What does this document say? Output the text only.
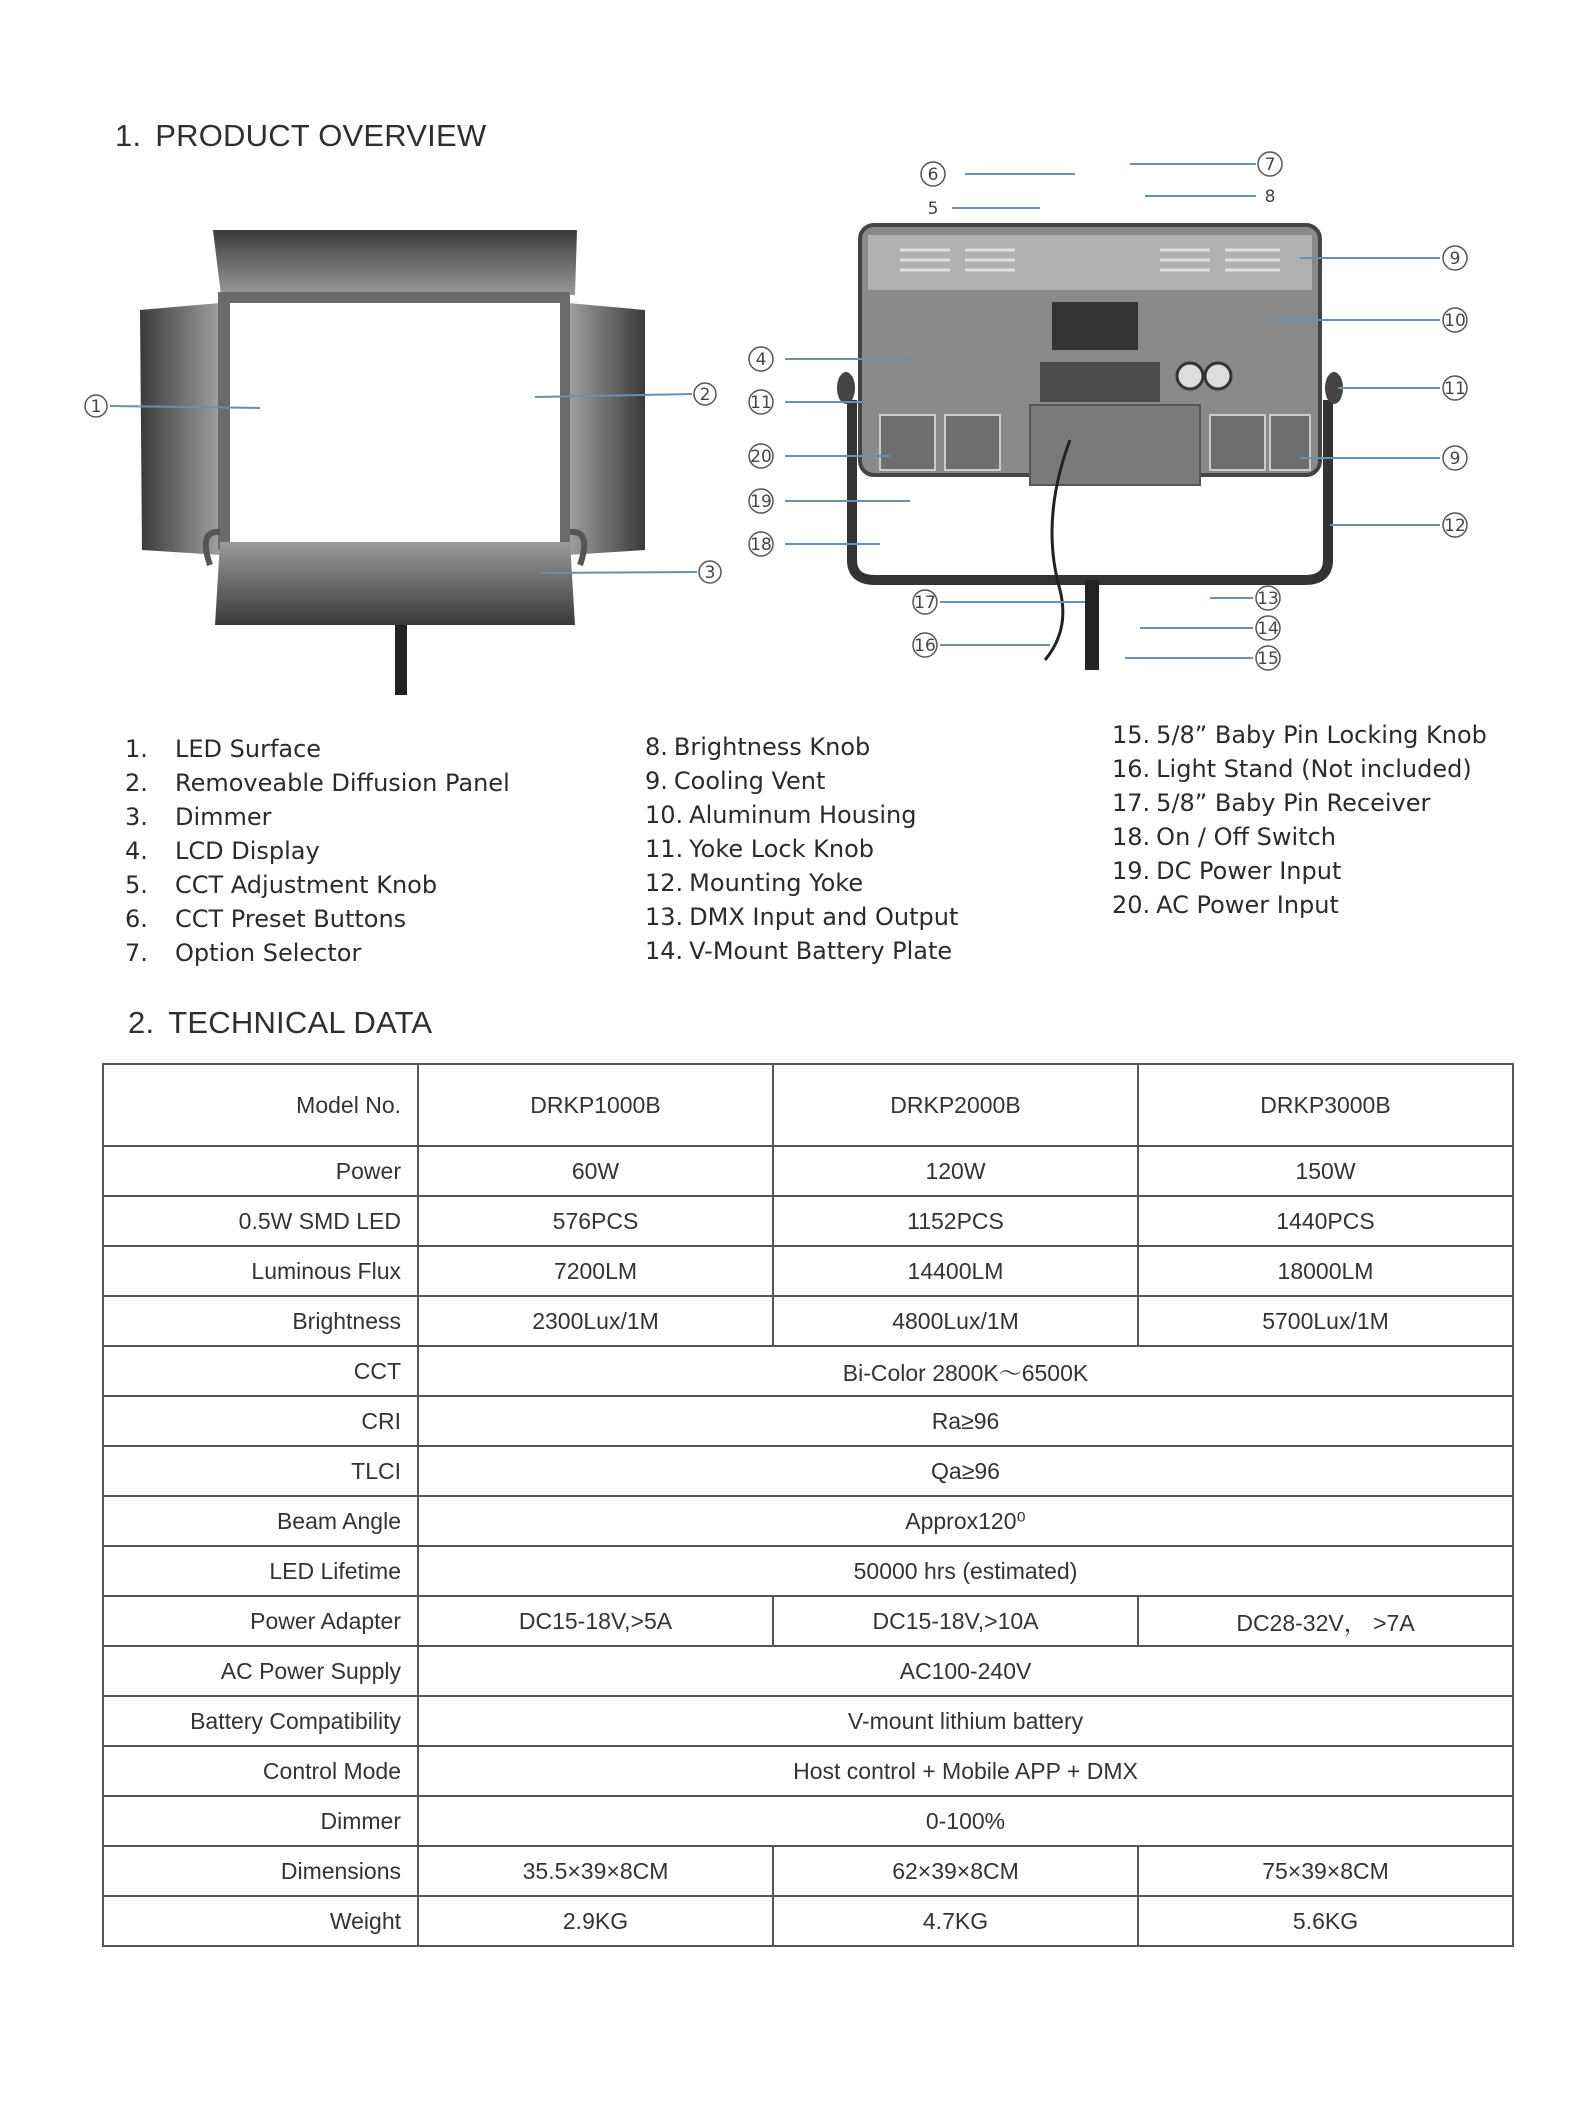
1. PRODUCT OVERVIEW
1
2
3
6
5
4
11
20
19
18
17
16
7
8
9
10
11
9
12
13
14
15
1. LED Surface
2. Removeable Diffusion Panel
3. Dimmer
4. LCD Display
5. CCT Adjustment Knob
6. CCT Preset Buttons
7. Option Selector
8. Brightness Knob
9. Cooling Vent
10. Aluminum Housing
11. Yoke Lock Knob
12. Mounting Yoke
13. DMX Input and Output
14. V-Mount Battery Plate
15. 5/8” Baby Pin Locking Knob
16. Light Stand (Not included)
17. 5/8” Baby Pin Receiver
18. On / Off Switch
19. DC Power Input
20. AC Power Input
2. TECHNICAL DATA
Model No.	DRKP1000B	DRKP2000B	DRKP3000B
Power	60W	120W	150W
0.5W SMD LED	576PCS	1152PCS	1440PCS
Luminous Flux	7200LM	14400LM	18000LM
Brightness	2300Lux/1M	4800Lux/1M	5700Lux/1M
CCT	Bi-Color 2800K～6500K		
CRI	Ra≥96		
TLCI	Qa≥96		
Beam Angle	Approx120⁰		
LED Lifetime	50000 hrs (estimated)		
Power Adapter	DC15-18V,>5A	DC15-18V,>10A	DC28-32V， >7A
AC Power Supply	AC100-240V		
Battery Compatibility	V-mount lithium battery		
Control Mode	Host control + Mobile APP + DMX		
Dimmer	0-100%		
Dimensions	35.5×39×8CM	62×39×8CM	75×39×8CM
Weight	2.9KG	4.7KG	5.6KG
